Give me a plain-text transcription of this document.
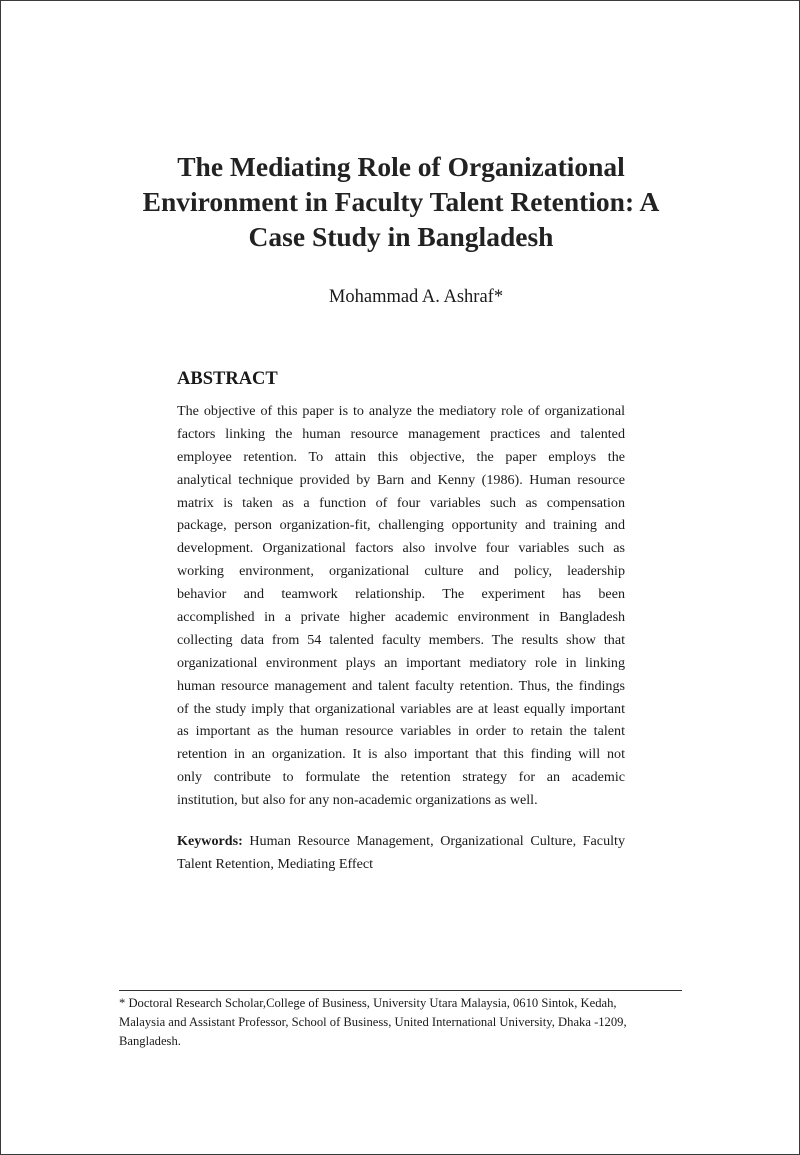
The Mediating Role of Organizational
Environment in Faculty Talent Retention: A
Case Study in Bangladesh
Mohammad A. Ashraf*
ABSTRACT
The objective of this paper is to analyze the mediatory role of organizational
factors linking the human resource management practices and talented
employee retention. To attain this objective, the paper employs the
analytical technique provided by Barn and Kenny (1986). Human resource
matrix is taken as a function of four variables such as compensation
package, person organization-fit, challenging opportunity and training and
development. Organizational factors also involve four variables such as
working environment, organizational culture and policy, leadership
behavior and teamwork relationship. The experiment has been
accomplished in a private higher academic environment in Bangladesh
collecting data from 54 talented faculty members. The results show that
organizational environment plays an important mediatory role in linking
human resource management and talent faculty retention. Thus, the findings
of the study imply that organizational variables are at least equally important
as important as the human resource variables in order to retain the talent
retention in an organization. It is also important that this finding will not
only contribute to formulate the retention strategy for an academic
institution, but also for any non-academic organizations as well.
Keywords: Human Resource Management, Organizational Culture, Faculty
Talent Retention, Mediating Effect
* Doctoral Research Scholar,College of Business, University Utara Malaysia, 0610 Sintok, Kedah,
Malaysia and Assistant Professor, School of Business, United International University, Dhaka -1209,
Bangladesh.
